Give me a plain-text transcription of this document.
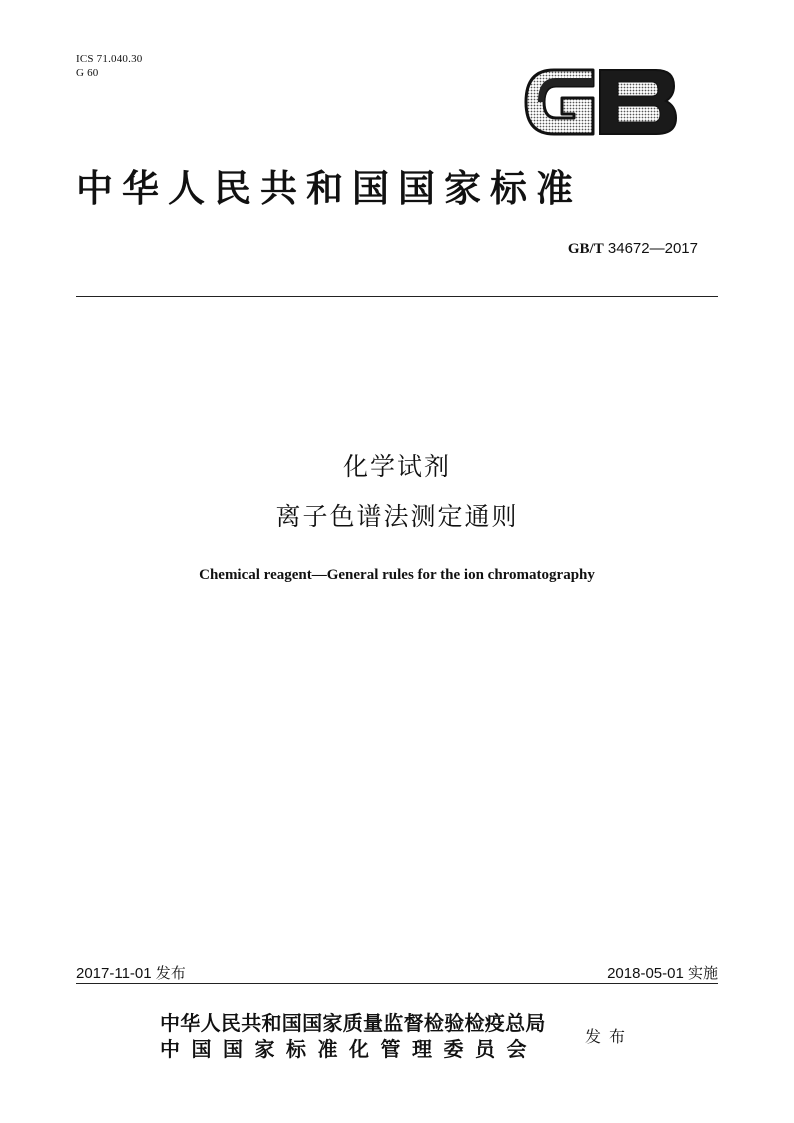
ICS 71.040.30
G 60
中华人民共和国国家标准
GB/T 34672—2017
化学试剂
离子色谱法测定通则
Chemical reagent—General rules for the ion chromatography
2017-11-01 发布	2018-05-01 实施
中华人民共和国国家质量监督检验检疫总局
中国国家标准化管理委员会
发布
